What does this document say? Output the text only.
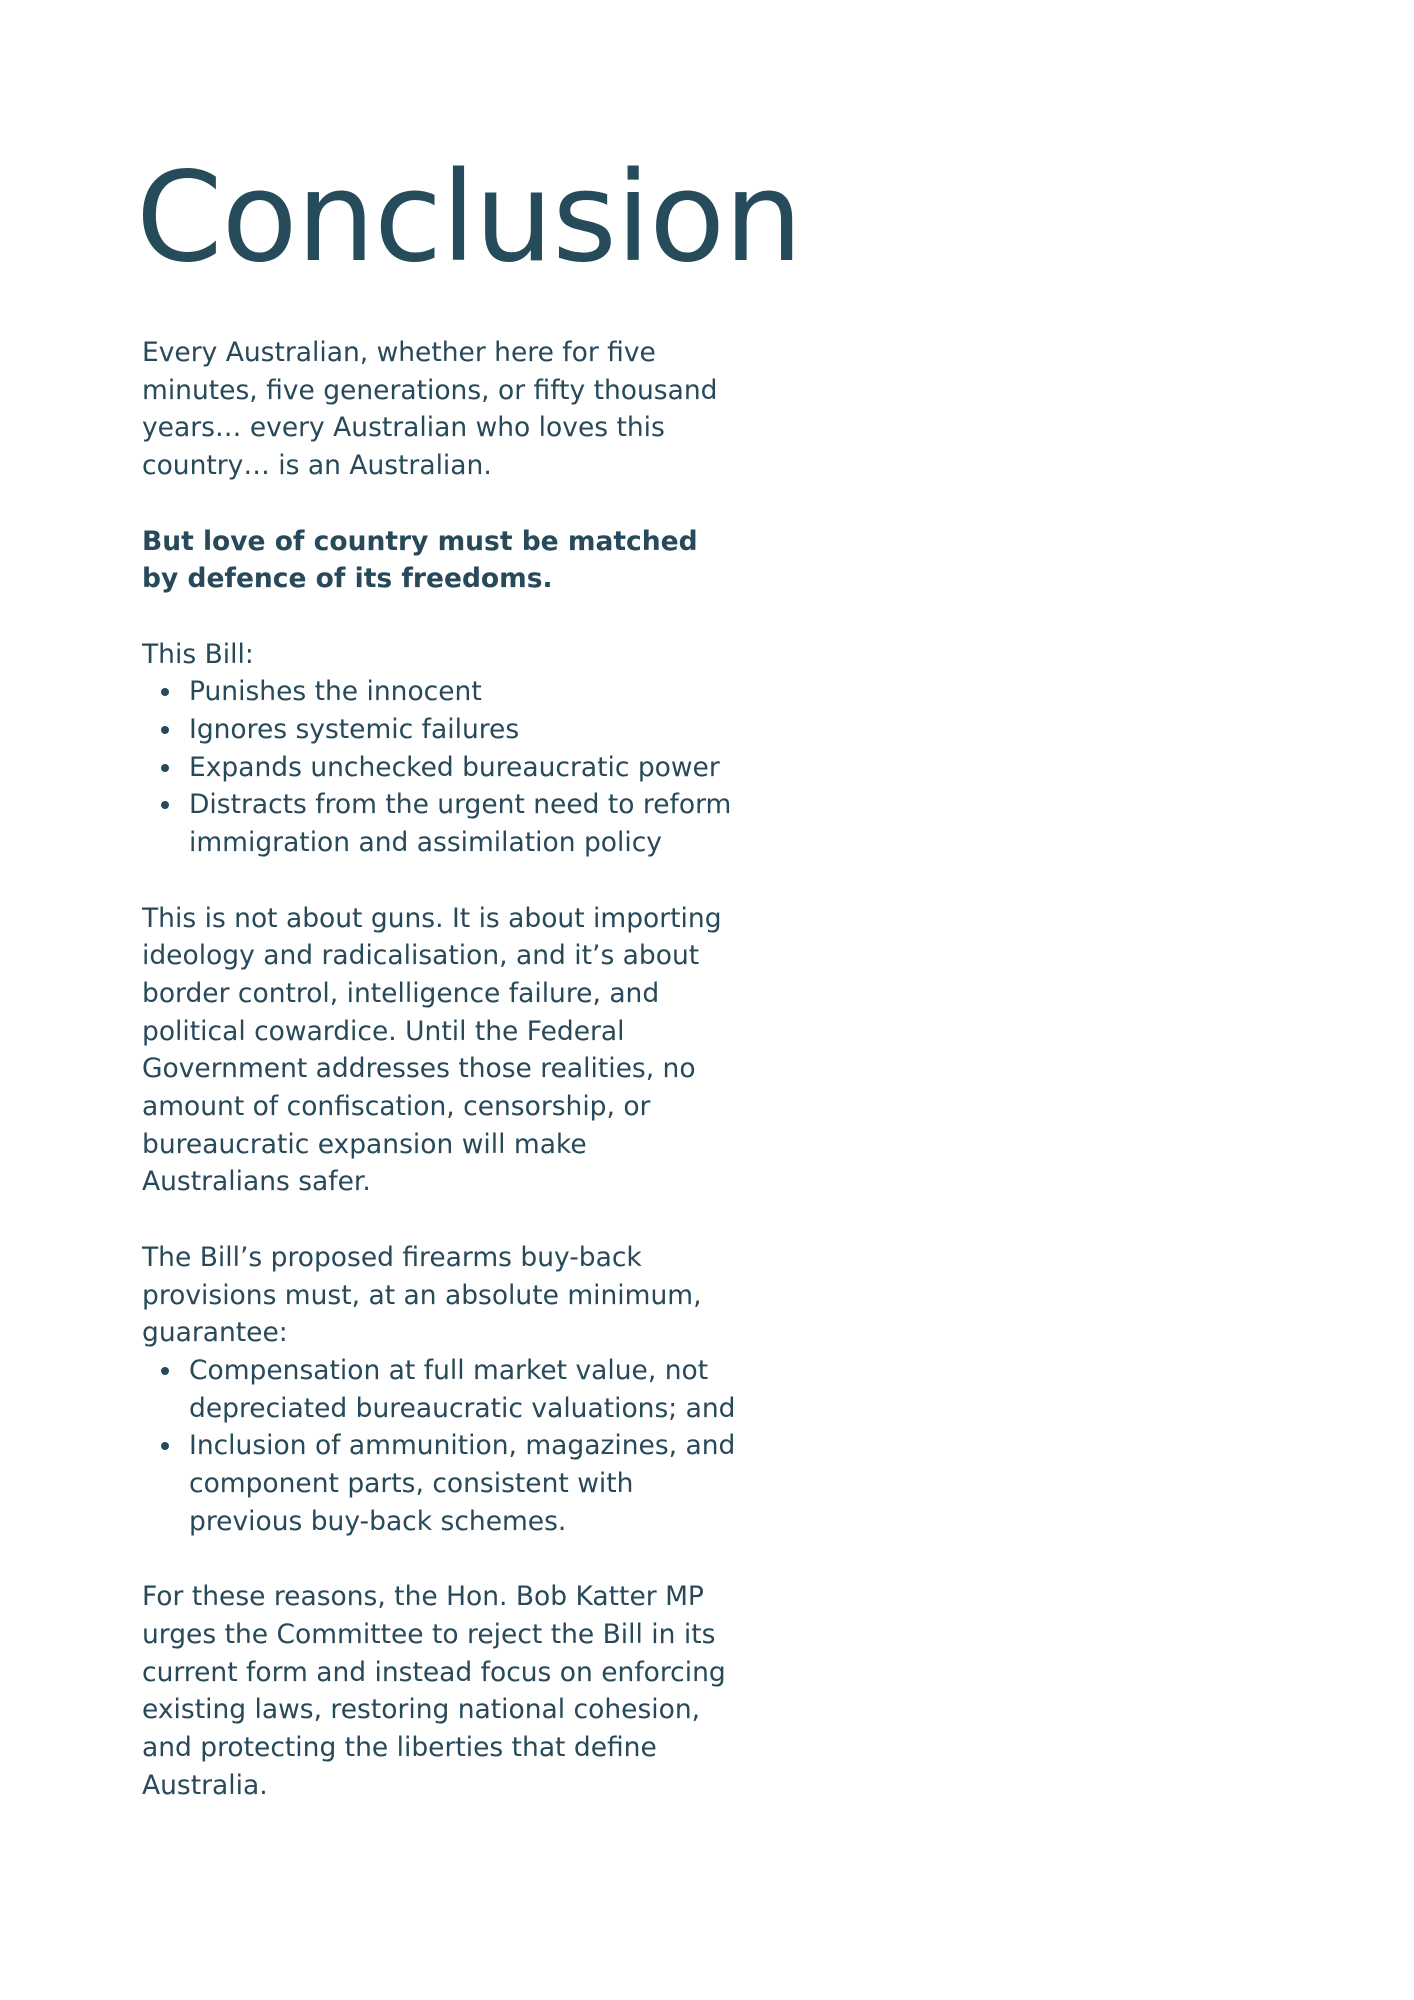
Conclusion

Every Australian, whether here for five minutes, five generations, or fifty thousand years… every Australian who loves this country… is an Australian.

But love of country must be matched by defence of its freedoms.

This Bill:

Punishes the innocent
Ignores systemic failures
Expands unchecked bureaucratic power
Distracts from the urgent need to reform immigration and assimilation policy

This is not about guns. It is about importing ideology and radicalisation, and it’s about border control, intelligence failure, and political cowardice. Until the Federal Government addresses those realities, no amount of confiscation, censorship, or bureaucratic expansion will make Australians safer.

The Bill’s proposed firearms buy-back provisions must, at an absolute minimum, guarantee:

Compensation at full market value, not depreciated bureaucratic valuations; and
Inclusion of ammunition, magazines, and component parts, consistent with previous buy-back schemes.

For these reasons, the Hon. Bob Katter MP urges the Committee to reject the Bill in its current form and instead focus on enforcing existing laws, restoring national cohesion, and protecting the liberties that define Australia.
